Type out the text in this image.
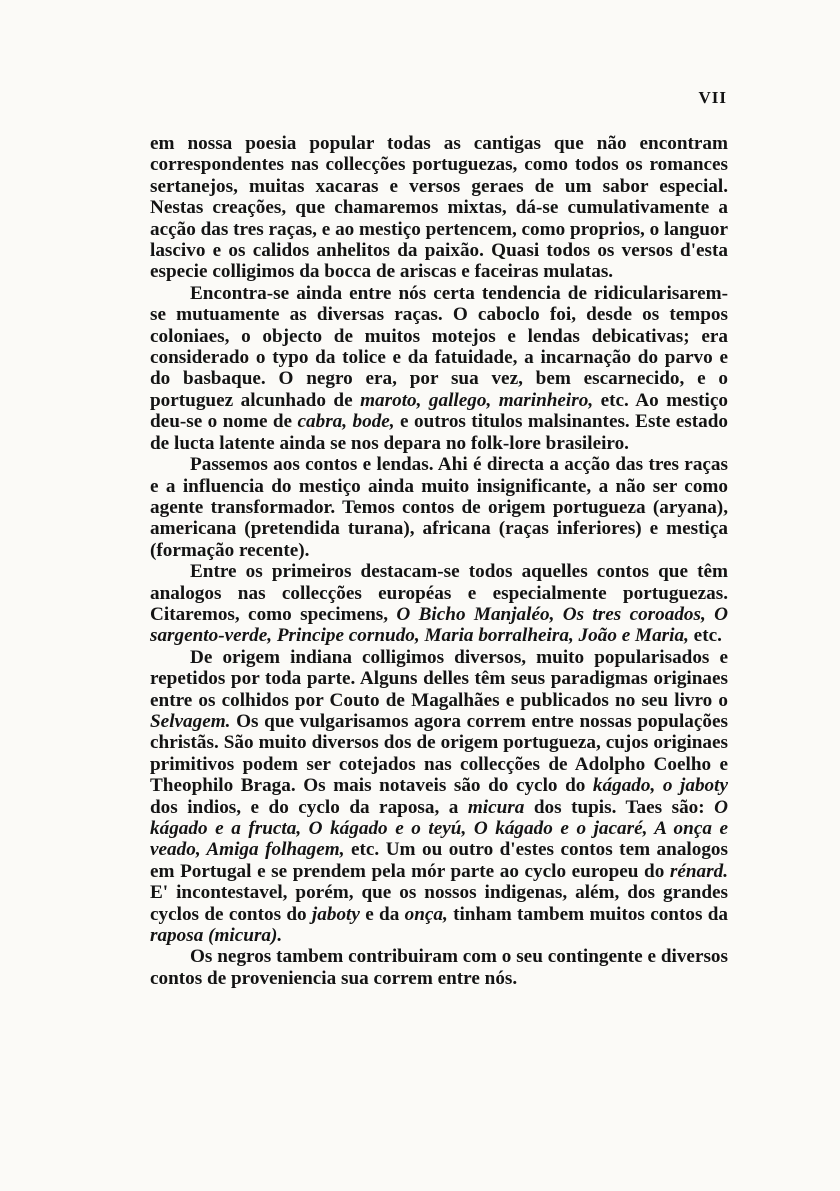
VII

em nossa poesia popular todas as cantigas que não encontram correspondentes nas collecções portuguezas, como todos os romances sertanejos, muitas xacaras e versos geraes de um sabor especial. Nestas creações, que chamaremos mixtas, dá-se cumulativamente a acção das tres raças, e ao mestiço pertencem, como proprios, o languor lascivo e os calidos anhelitos da paixão. Quasi todos os versos d'esta especie colligimos da bocca de ariscas e faceiras mulatas.

Encontra-se ainda entre nós certa tendencia de ridicularisarem-se mutuamente as diversas raças. O caboclo foi, desde os tempos coloniaes, o objecto de muitos motejos e lendas debicativas; era considerado o typo da tolice e da fatuidade, a incarnação do parvo e do basbaque. O negro era, por sua vez, bem escarnecido, e o portuguez alcunhado de maroto, gallego, marinheiro, etc. Ao mestiço deu-se o nome de cabra, bode, e outros titulos malsinantes. Este estado de lucta latente ainda se nos depara no folk-lore brasileiro.

Passemos aos contos e lendas. Ahi é directa a acção das tres raças e a influencia do mestiço ainda muito insignificante, a não ser como agente transformador. Temos contos de origem portugueza (aryana), americana (pretendida turana), africana (raças inferiores) e mestiça (formação recente).

Entre os primeiros destacam-se todos aquelles contos que têm analogos nas collecções européas e especialmente portuguezas. Citaremos, como specimens, O Bicho Manjaléo, Os tres coroados, O sargento-verde, Principe cornudo, Maria borralheira, João e Maria, etc.

De origem indiana colligimos diversos, muito popularisados e repetidos por toda parte. Alguns delles têm seus paradigmas originaes entre os colhidos por Couto de Magalhães e publicados no seu livro o Selvagem. Os que vulgarisamos agora correm entre nossas populações christãs. São muito diversos dos de origem portugueza, cujos originaes primitivos podem ser cotejados nas collecções de Adolpho Coelho e Theophilo Braga. Os mais notaveis são do cyclo do kágado, o jaboty dos indios, e do cyclo da raposa, a micura dos tupis. Taes são: O kágado e a fructa, O kágado e o teyú, O kágado e o jacaré, A onça e veado, Amiga folhagem, etc. Um ou outro d'estes contos tem analogos em Portugal e se prendem pela mór parte ao cyclo europeu do rénard. E' incontestavel, porém, que os nossos indigenas, além, dos grandes cyclos de contos do jaboty e da onça, tinham tambem muitos contos da raposa (micura).

Os negros tambem contribuiram com o seu contingente e diversos contos de proveniencia sua correm entre nós.
